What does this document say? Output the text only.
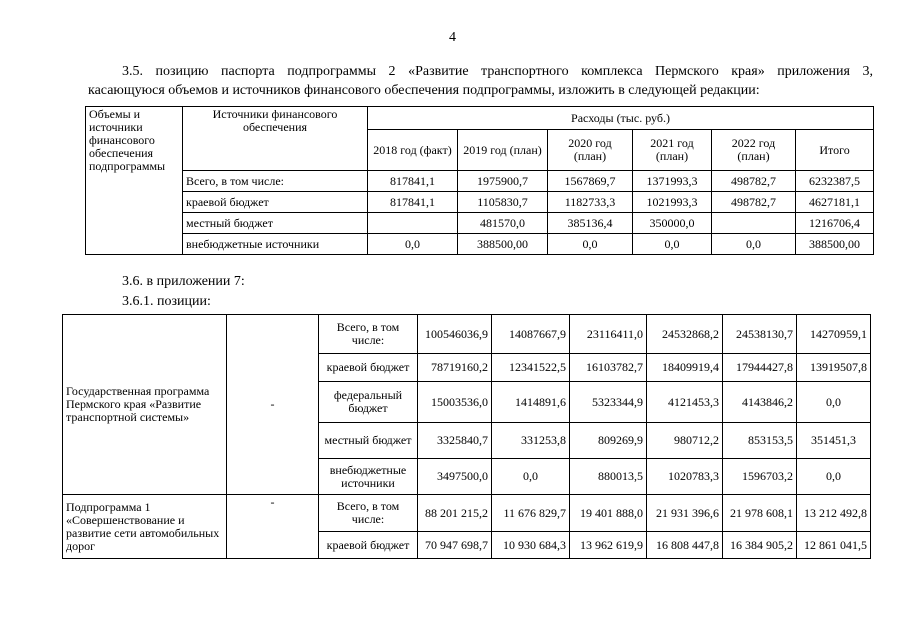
4
3.5. позицию паспорта подпрограммы 2 «Развитие транспортного комплекса Пермского края» приложения 3,
касающуюся объемов и источников финансового обеспечения подпрограммы, изложить в следующей редакции:
Объемы и источники финансового обеспечения подпрограммы	Источники финансового обеспечения	Расходы (тыс. руб.)					
		2018 год (факт)	2019 год (план)	2020 год (план)	2021 год (план)	2022 год (план)	Итого
	Всего, в том числе:	817841,1	1975900,7	1567869,7	1371993,3	498782,7	6232387,5
	краевой бюджет	817841,1	1105830,7	1182733,3	1021993,3	498782,7	4627181,1
	местный бюджет		481570,0	385136,4	350000,0		1216706,4
	внебюджетные источники	0,0	388500,00	0,0	0,0	0,0	388500,00
3.6. в приложении 7:
3.6.1. позиции:
Государственная программа Пермского края «Развитие транспортной системы»	-	Всего, в том числе:	100546036,9	14087667,9	23116411,0	24532868,2	24538130,7	14270959,1
		краевой бюджет	78719160,2	12341522,5	16103782,7	18409919,4	17944427,8	13919507,8
		федеральный бюджет	15003536,0	1414891,6	5323344,9	4121453,3	4143846,2	0,0
		местный бюджет	3325840,7	331253,8	809269,9	980712,2	853153,5	351451,3
		внебюджетные источники	3497500,0	0,0	880013,5	1020783,3	1596703,2	0,0
Подпрограмма 1 «Совершенствование и развитие сети автомобильных дорог	-	Всего, в том числе:	88 201 215,2	11 676 829,7	19 401 888,0	21 931 396,6	21 978 608,1	13 212 492,8
		краевой бюджет	70 947 698,7	10 930 684,3	13 962 619,9	16 808 447,8	16 384 905,2	12 861 041,5
